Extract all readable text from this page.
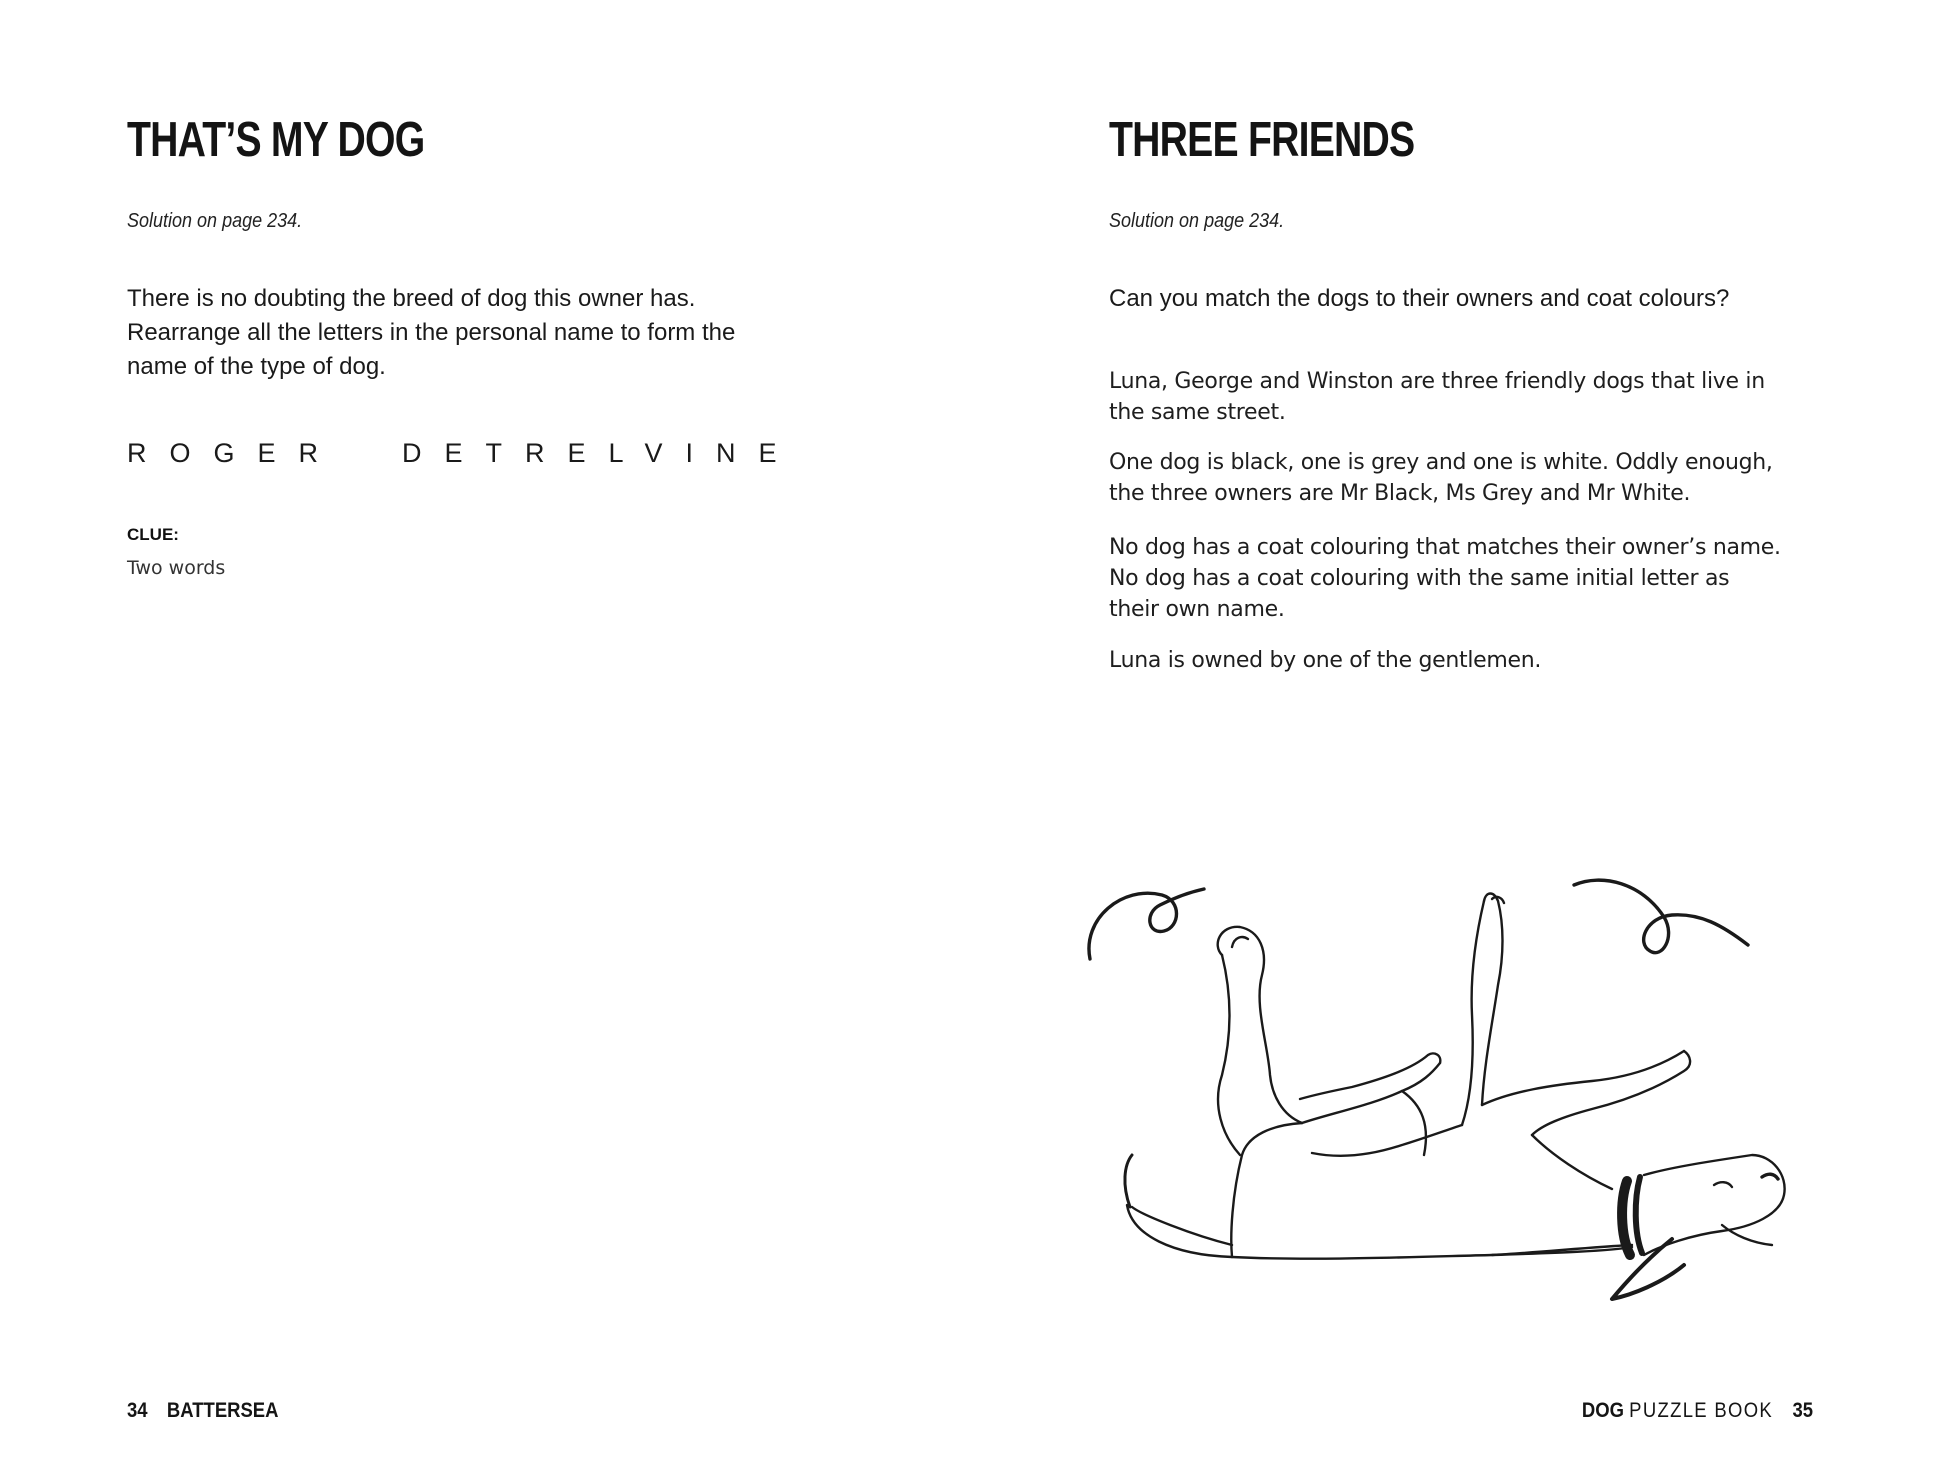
THAT’S MY DOG

Solution on page 234.

There is no doubting the breed of dog this owner has.

Rearrange all the letters in the personal name to form the

name of the type of dog.

ROGER  DETRELVINE

CLUE:

Two words

34 BATTERSEA

THREE FRIENDS

Solution on page 234.

Can you match the dogs to their owners and coat colours?

Luna, George and Winston are three friendly dogs that live in

the same street.

One dog is black, one is grey and one is white. Oddly enough,

the three owners are Mr Black, Ms Grey and Mr White.

No dog has a coat colouring that matches their owner’s name.

No dog has a coat colouring with the same initial letter as

their own name.

Luna is owned by one of the gentlemen.

DOG PUZZLE BOOK 35
